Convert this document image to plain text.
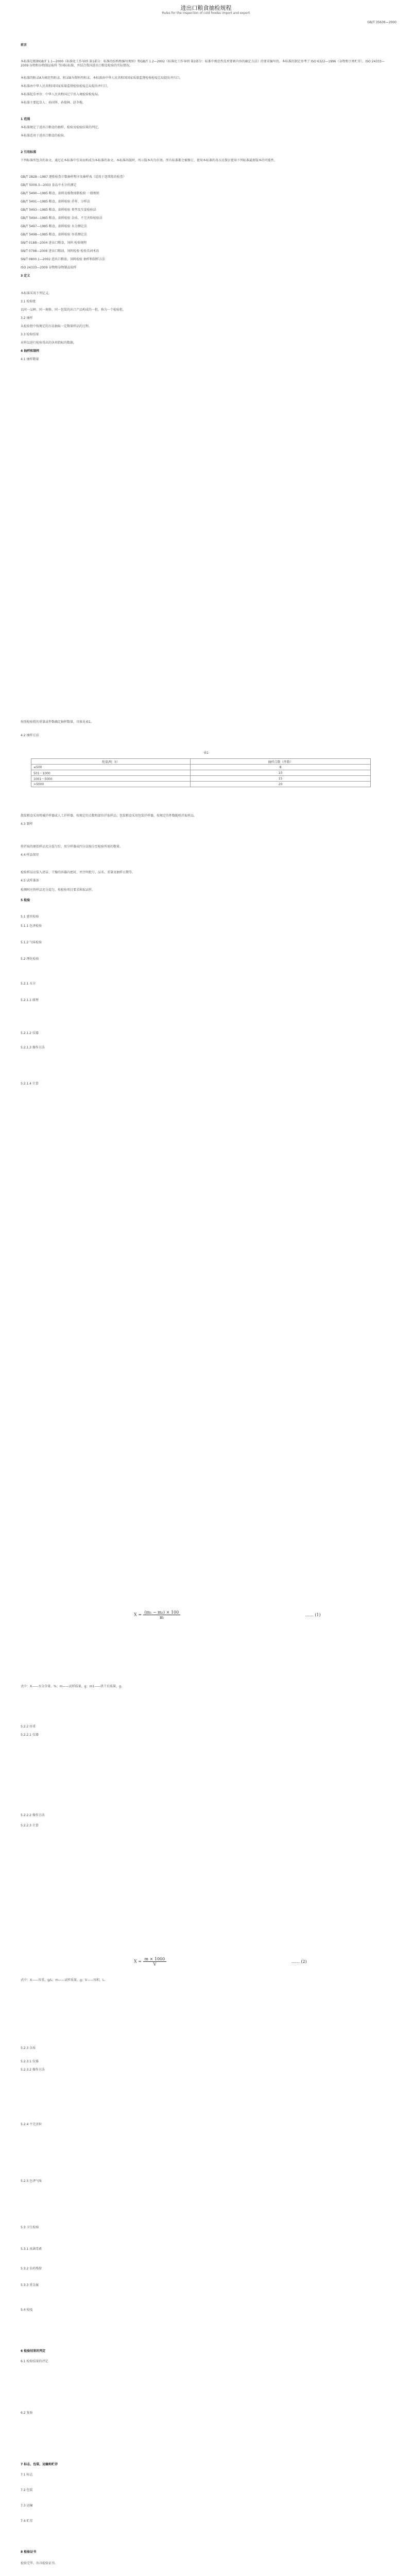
进出口粮食抽检规程
Rules for the inspection of cold foodss import and export
GB/T 35636—2000
前言
本标准是根据GB/T 1.1—2000《标准化工作导则 第1部分：标准的结构和编写规则》和GB/T 1.2—2002《标准化工作导则 第2部分：标准中规范性技术要素内容的确定方法》的要求编写的。本标准的制定参考了 ISO 6322—1996（谷物和豆类贮存）、ISO 24333—2009 谷物和谷物制品取样 等国际标准，并结合我国进出口粮食检验的实际情况。
本标准的附录A为规范性附录，附录B为资料性附录。本标准由中华人民共和国国家质量监督检验检疫总局提出并归口。
本标准由中华人民共和国国家质量监督检验检疫总局提出并归口。
本标准起草单位：中华人民共和国辽宁出入境检验检疫局。
本标准主要起草人：孙国华、孙俊林、赵冬梅。
1 范围
本标准规定了进出口粮食的抽样、检验及检验结果的判定。
本标准适用于进出口粮食的检验。
2 引用标准
下列标准所包含的条文，通过在本标准中引用而构成为本标准的条文。本标准出版时，所示版本均为有效。所有标准都会被修订，使用本标准的各方应探讨使用下列标准最新版本的可能性。
GB/T 2828—1987 逐批检查计数抽样程序及抽样表（适用于连续批的检查）
GB/T 5009.3—2003 食品中水分的测定
GB/T 5490—1985 粮食、油料及植物油脂检验 一般规则
GB/T 5491—1985 粮食、油料检验 扦样、分样法
GB/T 5493—1985 粮食、油料检验 类型及互混检验法
GB/T 5494—1985 粮食、油料检验 杂质、不完善粒检验法
GB/T 5497—1985 粮食、油料检验 水分测定法
GB/T 5498—1985 粮食、油料检验 容重测定法
SN/T 0188—2004 进出口粮食、饲料 检验规程
SN/T 0798—2006 进出口粮油、饲料检验 检验名词术语
SN/T 0800.1—2002 进出口粮油、饲料检验 抽样和制样方法
ISO 24333—2009 谷物和谷物制品取样
3 定义
本标准采用下列定义。
3.1 检验批
以同一品种、同一规格、同一包装的出口产品构成的一批，称为一个检验批。
3.2 抽样
从检验批中按规定的方法抽取一定数量样品的过程。
3.3 检验结果
对样品进行检验得出的各项指标的数据。
4 抽样和制样
4.1 抽样数量
按照检验批的重量或件数确定抽样数量，具体见表1。
4.2 抽样方法
散装粮食采用机械扦样器或人工扦样器，按规定的点数和部位扦取样品；包装粮食采用包装扦样器，按规定的件数随机扦取样品。
4.3 制样
将扦取的原始样品充分混匀后，用分样器或四分法缩分至检验所需的数量。
4.4 样品保存
检验样品应装入清洁、干燥的容器内密封，并注明批号、品名、重量及抽样日期等。
4.5 试样准备
检测时应将样品充分混匀，按检验项目要求称取试样。
5 检验
5.1 感官检验
5.1.1 色泽检验
5.1.2 气味检验
5.2 理化检验
5.2.1 水分
5.2.1.1 原理
5.2.1.2 仪器
5.2.1.3 操作方法
5.2.1.4 计算
式中：X——水分含量，%；m——试样质量，g；m1——烘干后质量，g。
5.2.2 容重
5.2.2.1 仪器
5.2.2.2 操作方法
5.2.2.3 计算
式中：X——容重，g/L；m——试样质量，g；V——容积，L。
5.2.3 杂质
5.2.3.1 仪器
5.2.3.2 操作方法
5.2.4 不完善粒
5.2.5 色泽气味
5.3 卫生检验
5.3.1 真菌毒素
5.3.2 农药残留
5.3.3 重金属
5.4 检疫
6 检验结果的判定
6.1 检验结果的评定
6.2 复验
7 标志、包装、运输和贮存
7.1 标志
7.2 包装
7.3 运输
7.4 贮存
8 检验证书
检验完毕，出具检验证书。
批量/吨（t）	抽样点数（件数）
≤500	8
501～1000	10
1001～5000	15
>5000	20
表1
$X = \frac{\text{(m₁ − m₂) × 100}}{m}$	…… (1)
$X = \frac{m \times 1000}{V}$	…… (2)
